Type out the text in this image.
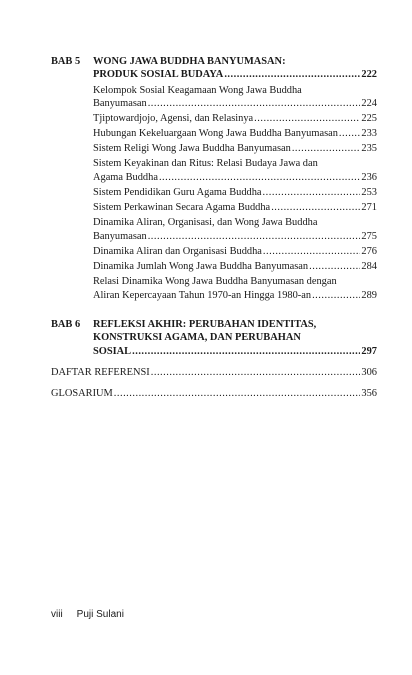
BAB 5 WONG JAWA BUDDHA BANYUMASAN:
PRODUK SOSIAL BUDAYA .....	222
Kelompok Sosial Keagamaan Wong Jawa Buddha
Banyumasan .....	224
Tjiptowardjojo, Agensi, dan Relasinya .....	225
Hubungan Kekeluargaan Wong Jawa Buddha Banyumasan ..... 233
Sistem Religi Wong Jawa Buddha Banyumasan .....	235
Sistem Keyakinan dan Ritus: Relasi Budaya Jawa dan
Agama Buddha .....	236
Sistem Pendidikan Guru Agama Buddha .....	253
Sistem Perkawinan Secara Agama Buddha .....	271
Dinamika Aliran, Organisasi, dan Wong Jawa Buddha
Banyumasan .....	275
Dinamika Aliran dan Organisasi Buddha .....	276
Dinamika Jumlah Wong Jawa Buddha Banyumasan .....	284
Relasi Dinamika Wong Jawa Buddha Banyumasan dengan
Aliran Kepercayaan Tahun 1970-an Hingga 1980-an .....	289
BAB 6 REFLEKSI AKHIR: PERUBAHAN IDENTITAS,
KONSTRUKSI AGAMA, DAN PERUBAHAN
SOSIAL .....	297
DAFTAR REFERENSI .....	306
GLOSARIUM .....	356
viii Puji Sulani
